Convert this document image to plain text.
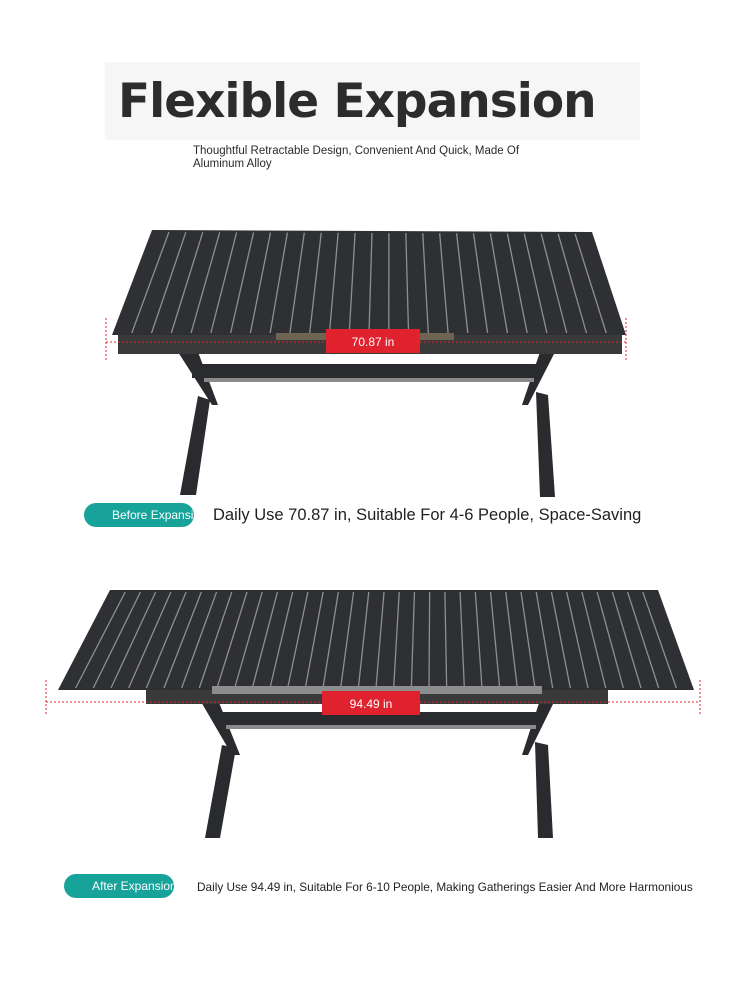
Flexible Expansion
Thoughtful Retractable Design, Convenient And Quick, Made Of Aluminum Alloy
70.87 in
Before Expansion Daily Use 70.87 in, Suitable For 4-6 People, Space-Saving
94.49 in
After Expansion Daily Use 94.49 in, Suitable For 6-10 People, Making Gatherings Easier And More Harmonious
